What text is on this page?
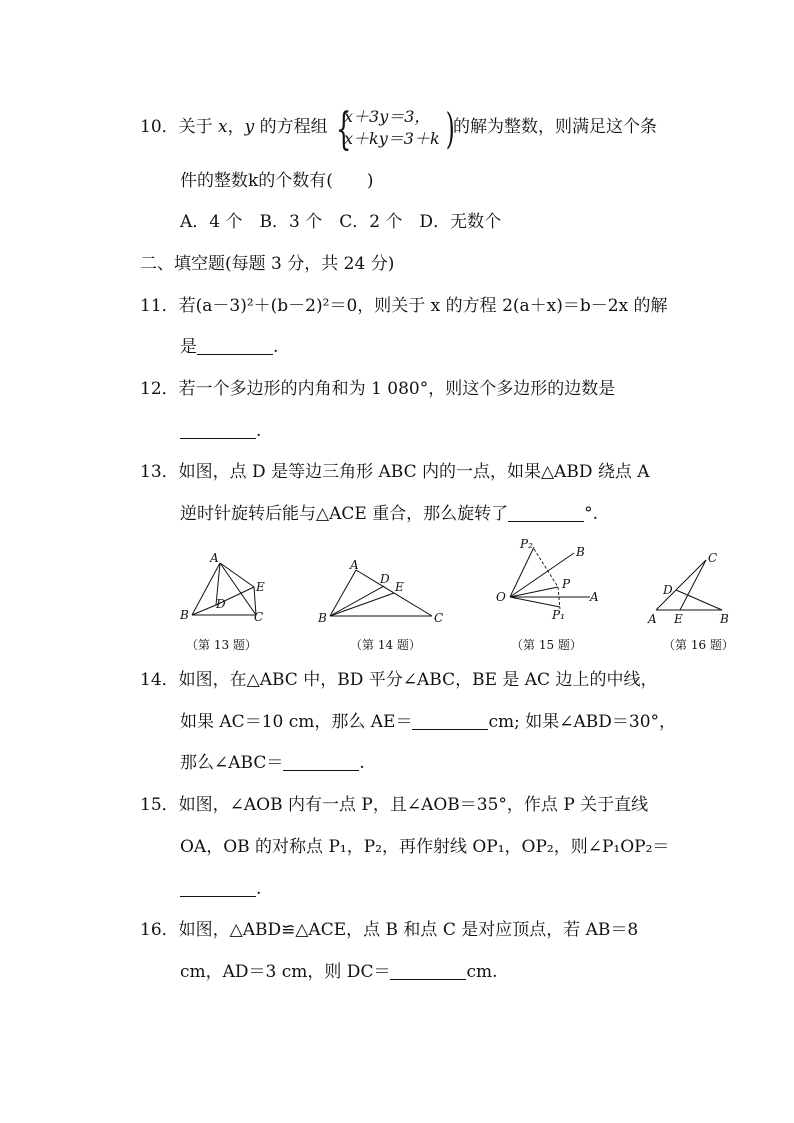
10．关于 x，y 的方程组 {
x＋3y＝3，
x＋ky＝3＋k )
的解为整数，则满足这个条
件的整数k的个数有(　　)
A．4 个　B．3 个　C．2 个　D．无数个
二、填空题(每题 3 分，共 24 分)
11．若(a－3)²＋(b－2)²＝0，则关于 x 的方程 2(a＋x)＝b－2x 的解
是	.
12．若一个多边形的内角和为 1 080°，则这个多边形的边数是
.
13．如图，点 D 是等边三角形 ABC 内的一点，如果△ABD 绕点 A
逆时针旋转后能与△ACE 重合，那么旋转了	°.
A
B	C
D
E
（第 13 题）
A
B	C
D
E
（第 14 题）
P₂
B
P
O	A
P₁
（第 15 题）
C
D
A E	B
（第 16 题）
14．如图，在△ABC 中，BD 平分∠ABC，BE 是 AC 边上的中线，
如果 AC＝10 cm，那么 AE＝	cm; 如果∠ABD＝30°，
那么∠ABC＝	.
15．如图，∠AOB 内有一点 P，且∠AOB＝35°，作点 P 关于直线
OA，OB 的对称点 P₁，P₂，再作射线 OP₁，OP₂，则∠P₁OP₂＝
.
16．如图，△ABD≌△ACE，点 B 和点 C 是对应顶点，若 AB＝8
cm，AD＝3 cm，则 DC＝	cm.
